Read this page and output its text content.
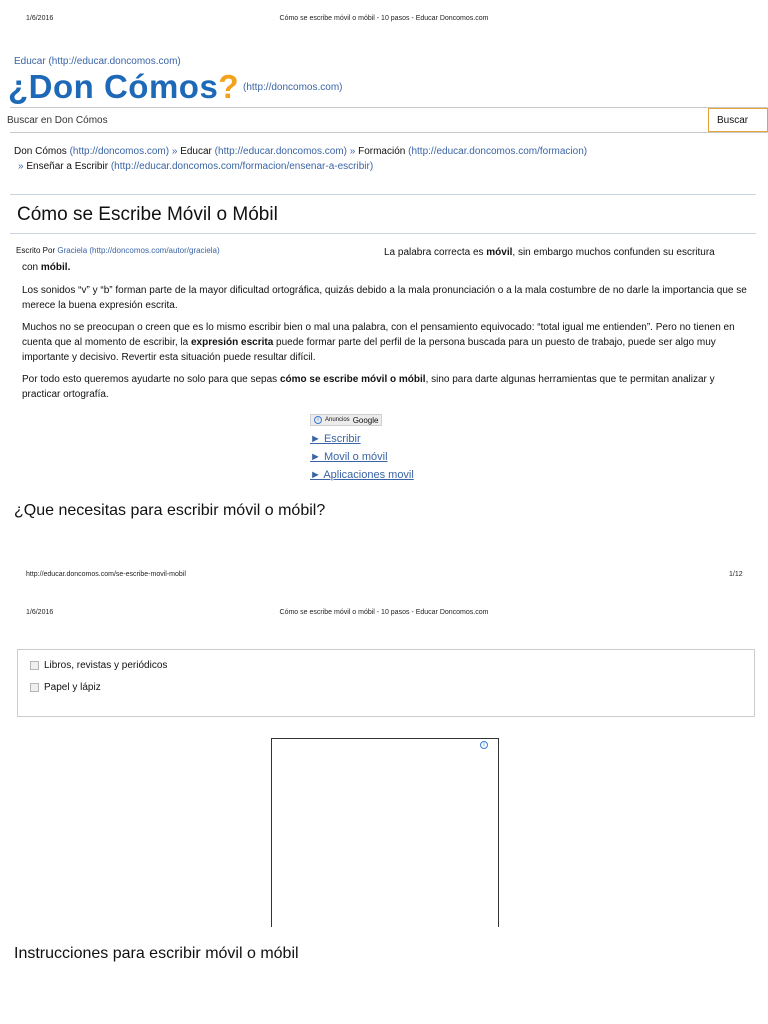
1/6/2016	Cómo se escribe móvil o móbil - 10 pasos - Educar Doncomos.com
Educar (http://educar.doncomos.com)
¿Don Cómos? (http://doncomos.com)
Buscar en Don Cómos
Buscar
Don Cómos (http://doncomos.com) » Educar (http://educar.doncomos.com) » Formación (http://educar.doncomos.com/formacion)
» Enseñar a Escribir (http://educar.doncomos.com/formacion/ensenar-a-escribir)
Cómo se Escribe Móvil o Móbil
Escrito Por Graciela (http://doncomos.com/autor/graciela)	La palabra correcta es móvil, sin embargo muchos confunden su escritura
con móbil.

Los sonidos “v” y “b” forman parte de la mayor dificultad ortográfica, quizás debido a la mala pronunciación o a la mala costumbre de no darle la importancia que se merece la buena expresión escrita.

Muchos no se preocupan o creen que es lo mismo escribir bien o mal una palabra, con el pensamiento equivocado: “total igual me entienden”. Pero no tienen en cuenta que al momento de escribir, la expresión escrita puede formar parte del perfil de la persona buscada para un puesto de trabajo, puede ser algo muy importante y decisivo. Revertir esta situación puede resultar difícil.

Por todo esto queremos ayudarte no solo para que sepas cómo se escribe móvil o móbil, sino para darte algunas herramientas que te permitan analizar y practicar ortografía.

i	Anuncios Google
► Escribir
► Movil o móvil
► Aplicaciones movil
¿Que necesitas para escribir móvil o móbil?
http://educar.doncomos.com/se-escribe-movil-mobil	1/12
1/6/2016	Cómo se escribe móvil o móbil - 10 pasos - Educar Doncomos.com
Libros, revistas y periódicos
Papel y lápiz
i
Instrucciones para escribir móvil o móbil
